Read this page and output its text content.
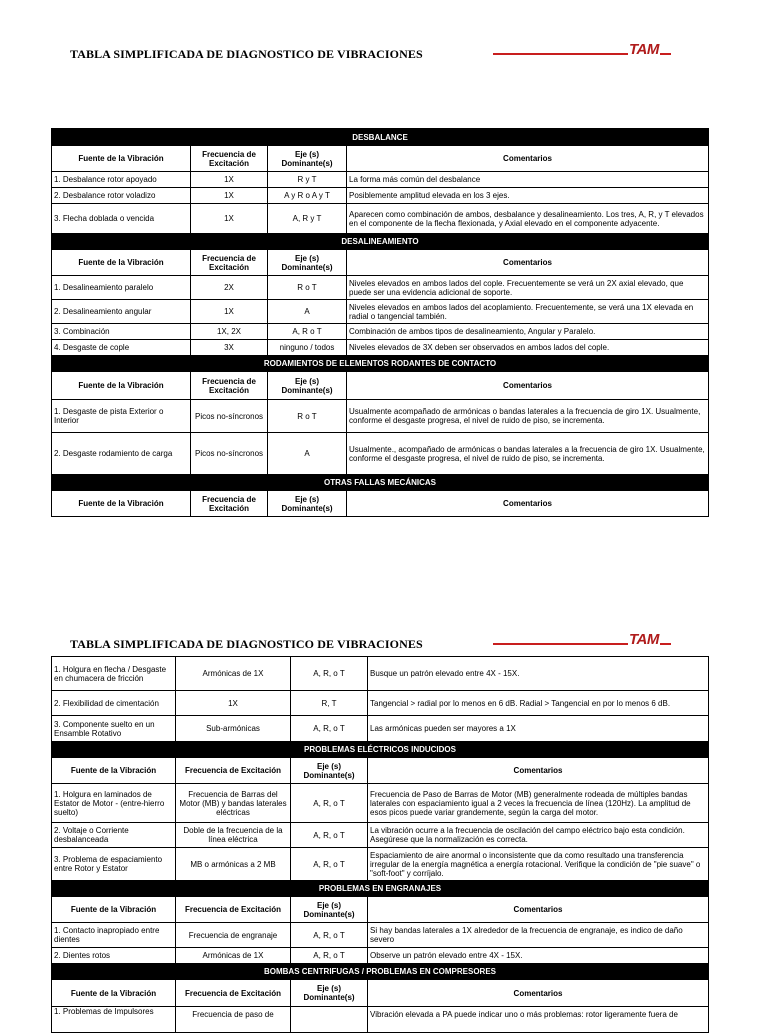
TABLA SIMPLIFICADA DE DIAGNOSTICO DE VIBRACIONES	TAM
DESBALANCE			
Fuente de la Vibración	Frecuencia de Excitación	Eje (s) Dominante(s)	Comentarios
1. Desbalance rotor apoyado	1X	R y T	La forma más común del desbalance
2. Desbalance rotor voladizo	1X	A y R o A y T	Posiblemente amplitud elevada en los 3 ejes.
3. Flecha doblada o vencida	1X	A, R y T	Aparecen como combinación de ambos, desbalance y desalineamiento. Los tres, A, R, y T elevados en el componente de la flecha flexionada, y Axial elevado en el componente adyacente.
DESALINEAMIENTO			
Fuente de la Vibración	Frecuencia de Excitación	Eje (s) Dominante(s)	Comentarios
1. Desalineamiento paralelo	2X	R o T	Niveles elevados en ambos lados del cople. Frecuentemente se verá un 2X axial elevado, que puede ser una evidencia adicional de soporte.
2. Desalineamiento angular	1X	A	Niveles elevados en ambos lados del acoplamiento. Frecuentemente, se verá una 1X elevada en radial o tangencial también.
3. Combinación	1X, 2X	A, R o T	Combinación de ambos tipos de desalineamiento, Angular y Paralelo.
4. Desgaste de cople	3X	ninguno / todos	Niveles elevados de 3X deben ser observados en ambos lados del cople.
RODAMIENTOS DE ELEMENTOS RODANTES DE CONTACTO			
Fuente de la Vibración	Frecuencia de Excitación	Eje (s) Dominante(s)	Comentarios
1. Desgaste de pista Exterior o Interior	Picos no-síncronos	R o T	Usualmente acompañado de armónicas o bandas laterales a la frecuencia de giro 1X. Usualmente, conforme el desgaste progresa, el nivel de ruido de piso, se incrementa.
2. Desgaste rodamiento de carga	Picos no-síncronos	A	Usualmente., acompañado de armónicas o bandas laterales a la frecuencia de giro 1X. Usualmente, conforme el desgaste progresa, el nivel de ruido de piso, se incrementa.
OTRAS FALLAS MECÁNICAS			
Fuente de la Vibración	Frecuencia de Excitación	Eje (s) Dominante(s)	Comentarios
TABLA SIMPLIFICADA DE DIAGNOSTICO DE VIBRACIONES	TAM
1. Holgura en flecha / Desgaste en chumacera de fricción	Armónicas de 1X	A, R, o T	Busque un patrón elevado entre 4X - 15X.
2. Flexibilidad de cimentación	1X	R, T	Tangencial > radial por lo menos en 6 dB. Radial > Tangencial en por lo menos 6 dB.
3. Componente suelto en un Ensamble Rotativo	Sub-armónicas	A, R, o T	Las armónicas pueden ser mayores a 1X
PROBLEMAS ELÉCTRICOS INDUCIDOS			
Fuente de la Vibración	Frecuencia de Excitación	Eje (s) Dominante(s)	Comentarios
1. Holgura en laminados de Estator de Motor - (entre-hierro suelto)	Frecuencia de Barras del Motor (MB) y bandas laterales eléctricas	A, R, o T	Frecuencia de Paso de Barras de Motor (MB) generalmente rodeada de múltiples bandas laterales con espaciamiento igual a 2 veces la frecuencia de línea (120Hz). La amplitud de esos picos puede variar grandemente, según la carga del motor.
2. Voltaje o Corriente desbalanceada	Doble de la frecuencia de la línea eléctrica	A, R, o T	La vibración ocurre a la frecuencia de oscilación del campo eléctrico bajo esta condición. Asegúrese que la normalización es correcta.
3. Problema de espaciamiento entre Rotor y Estator	MB o armónicas a 2 MB	A, R, o T	Espaciamiento de aire anormal o inconsistente que da como resultado una transferencia irregular de la energía magnética a energía rotacional. Verifique la condición de "pie suave" o "soft-foot" y corríjalo.
PROBLEMAS EN ENGRANAJES			
Fuente de la Vibración	Frecuencia de Excitación	Eje (s) Dominante(s)	Comentarios
1. Contacto inapropiado entre dientes	Frecuencia de engranaje	A, R, o T	Si hay bandas laterales a 1X alrededor de la frecuencia de engranaje, es indico de daño severo
2. Dientes rotos	Armónicas de 1X	A, R, o T	Observe un patrón elevado entre 4X - 15X.
BOMBAS CENTRIFUGAS / PROBLEMAS EN COMPRESORES			
Fuente de la Vibración	Frecuencia de Excitación	Eje (s) Dominante(s)	Comentarios
1. Problemas de Impulsores	Frecuencia de paso de		Vibración elevada a PA puede indicar uno o más problemas: rotor ligeramente fuera de
